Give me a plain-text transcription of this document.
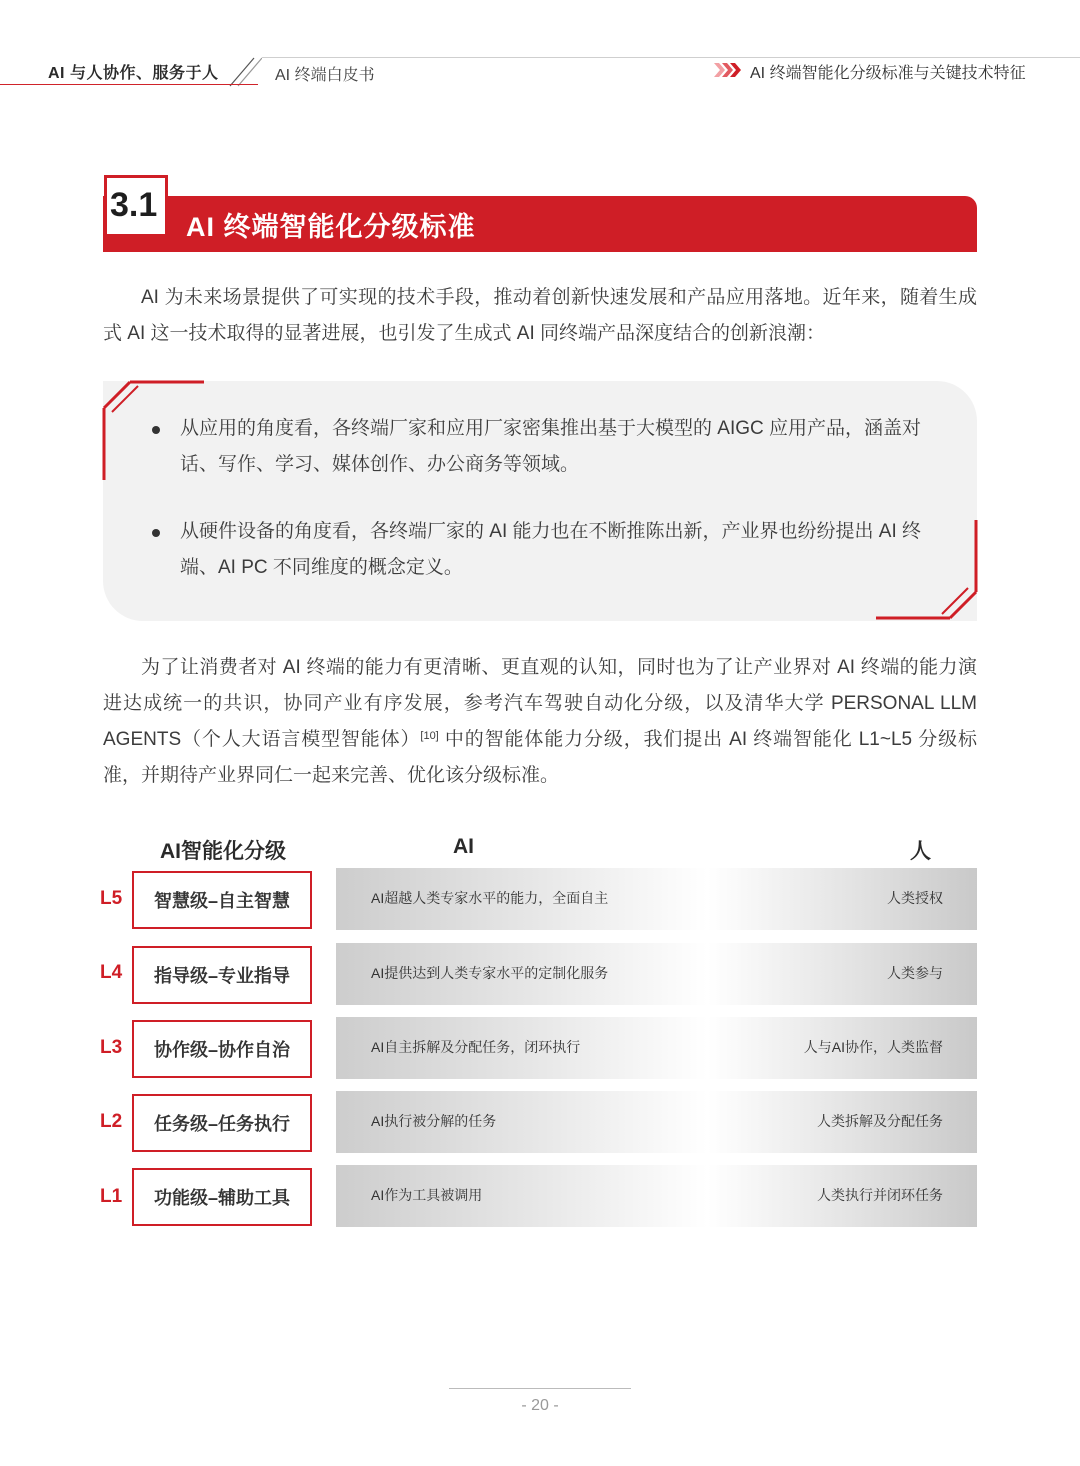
AI 与人协作、服务于人	AI 终端白皮书	AI 终端智能化分级标准与关键技术特征
3.1
AI 终端智能化分级标准

AI 为未来场景提供了可实现的技术手段，推动着创新快速发展和产品应用落地。近年来，随着生成式 AI 这一技术取得的显著进展，也引发了生成式 AI 同终端产品深度结合的创新浪潮：

从应用的角度看，各终端厂家和应用厂家密集推出基于大模型的 AIGC 应用产品，涵盖对话、写作、学习、媒体创作、办公商务等领域。
从硬件设备的角度看，各终端厂家的 AI 能力也在不断推陈出新，产业界也纷纷提出 AI 终端、AI PC 不同维度的概念定义。

为了让消费者对 AI 终端的能力有更清晰、更直观的认知，同时也为了让产业界对 AI 终端的能力演进达成统一的共识，协同产业有序发展，参考汽车驾驶自动化分级，以及清华大学 PERSONAL LLM AGENTS（个人大语言模型智能体）[10] 中的智能体能力分级，我们提出 AI 终端智能化 L1~L5 分级标准，并期待产业界同仁一起来完善、优化该分级标准。

AI智能化分级	AI	人
L5	智慧级–自主智慧	AI超越人类专家水平的能力，全面自主	人类授权
L4	指导级–专业指导	AI提供达到人类专家水平的定制化服务	人类参与
L3	协作级–协作自治	AI自主拆解及分配任务，闭环执行	人与AI协作，人类监督
L2	任务级–任务执行	AI执行被分解的任务	人类拆解及分配任务
L1	功能级–辅助工具	AI作为工具被调用	人类执行并闭环任务
- 20 -
